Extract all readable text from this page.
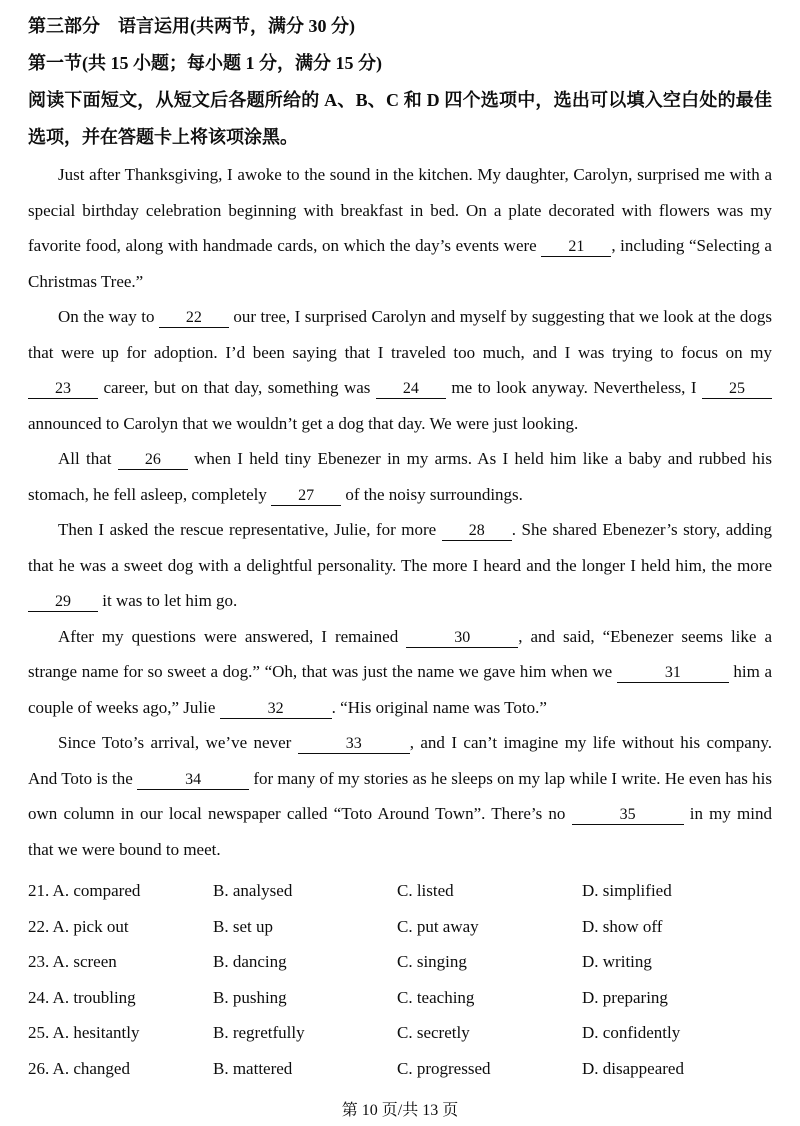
第三部分　语言运用(共两节，满分 30 分)
第一节(共 15 小题；每小题 1 分，满分 15 分)
阅读下面短文，从短文后各题所给的 A、B、C 和 D 四个选项中，选出可以填入空白处的最佳选项，并在答题卡上将该项涂黑。

Just after Thanksgiving, I awoke to the sound in the kitchen. My daughter, Carolyn, surprised me with a special birthday celebration beginning with breakfast in bed. On a plate decorated with flowers was my favorite food, along with handmade cards, on which the day’s events were 21 , including “Selecting a Christmas Tree.”

On the way to 22 our tree, I surprised Carolyn and myself by suggesting that we look at the dogs that were up for adoption. I’d been saying that I traveled too much, and I was trying to focus on my 23 career, but on that day, something was 24 me to look anyway. Nevertheless, I 25 announced to Carolyn that we wouldn’t get a dog that day. We were just looking.

All that 26 when I held tiny Ebenezer in my arms. As I held him like a baby and rubbed his stomach, he fell asleep, completely 27 of the noisy surroundings.

Then I asked the rescue representative, Julie, for more 28 . She shared Ebenezer’s story, adding that he was a sweet dog with a delightful personality. The more I heard and the longer I held him, the more 29 it was to let him go.

After my questions were answered, I remained	30	, and said, “Ebenezer seems like a strange name for so sweet a dog.” “Oh, that was just the name we gave him when we	31	him a couple of weeks ago,” Julie	32	. “His original name was Toto.”

Since Toto’s arrival, we’ve never	33	, and I can’t imagine my life without his company. And Toto is the	34	for many of my stories as he sleeps on my lap while I write. He even has his own column in our local newspaper called “Toto Around Town”. There’s no	35	in my mind that we were bound to meet.

21. A. compared	B. analysed	C. listed	D. simplified
22. A. pick out	B. set up	C. put away	D. show off
23. A. screen	B. dancing	C. singing	D. writing
24. A. troubling	B. pushing	C. teaching	D. preparing
25. A. hesitantly	B. regretfully	C. secretly	D. confidently
26. A. changed	B. mattered	C. progressed	D. disappeared
第 10 页/共 13 页
